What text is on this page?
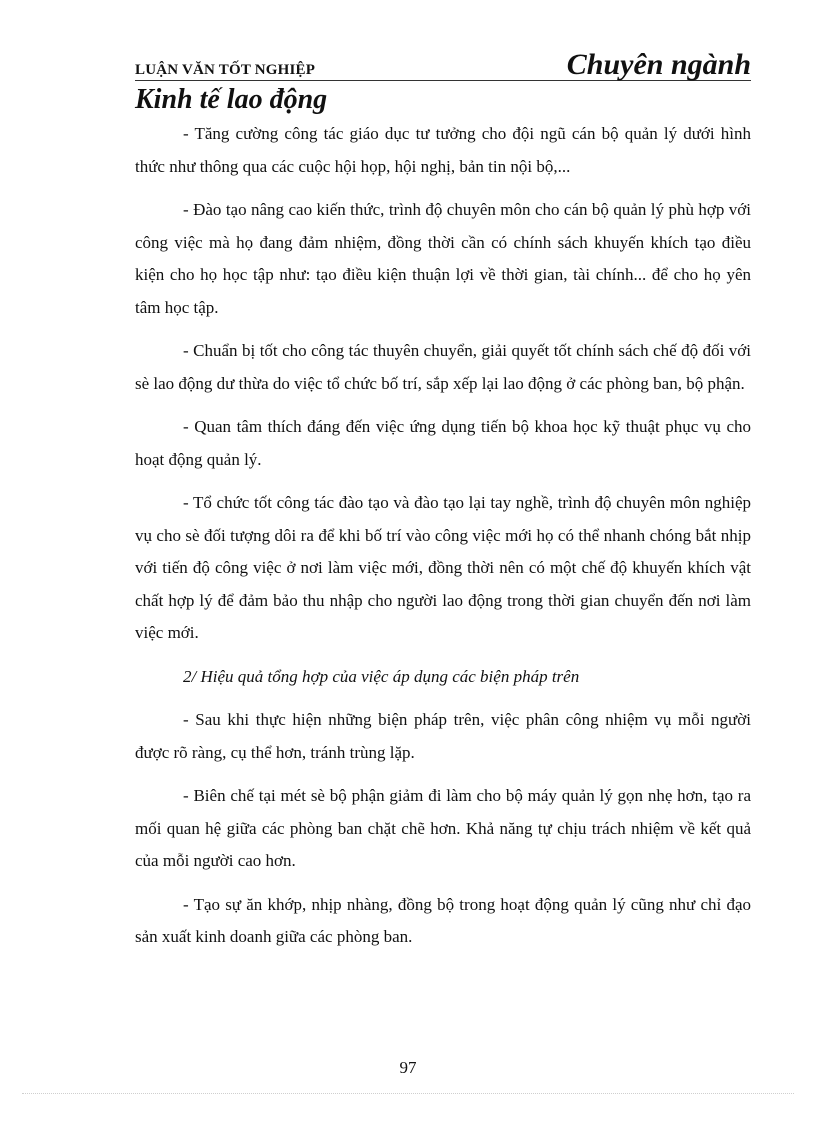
LUẬN VĂN TỐT NGHIỆP	Chuyên ngành
Kinh tế lao động

- Tăng cường công tác giáo dục tư tưởng cho đội ngũ cán bộ quản lý dưới hình thức như thông qua các cuộc hội họp, hội nghị, bản tin nội bộ,...

- Đào tạo nâng cao kiến thức, trình độ chuyên môn cho cán bộ quản lý phù hợp với công việc mà họ đang đảm nhiệm, đồng thời cần có chính sách khuyến khích tạo điều kiện cho họ học tập như: tạo điều kiện thuận lợi về thời gian, tài chính... để cho họ yên tâm học tập.

- Chuẩn bị tốt cho công tác thuyên chuyển, giải quyết tốt chính sách chế độ đối với sè lao động dư thừa do việc tổ chức bố trí, sắp xếp lại lao động ở các phòng ban, bộ phận.

- Quan tâm thích đáng đến việc ứng dụng tiến bộ khoa học kỹ thuật phục vụ cho hoạt động quản lý.

- Tổ chức tốt công tác đào tạo và đào tạo lại tay nghề, trình độ chuyên môn nghiệp vụ cho sè đối tượng dôi ra để khi bố trí vào công việc mới họ có thể nhanh chóng bắt nhịp với tiến độ công việc ở nơi làm việc mới, đồng thời nên có một chế độ khuyến khích vật chất hợp lý để đảm bảo thu nhập cho người lao động trong thời gian chuyển đến nơi làm việc mới.

2/ Hiệu quả tổng hợp của việc áp dụng các biện pháp trên

- Sau khi thực hiện những biện pháp trên, việc phân công nhiệm vụ mỗi người được rõ ràng, cụ thể hơn, tránh trùng lặp.

- Biên chế tại mét sè bộ phận giảm đi làm cho bộ máy quản lý gọn nhẹ hơn, tạo ra mối quan hệ giữa các phòng ban chặt chẽ hơn. Khả năng tự chịu trách nhiệm về kết quả của mỗi người cao hơn.

- Tạo sự ăn khớp, nhịp nhàng, đồng bộ trong hoạt động quản lý cũng như chỉ đạo sản xuất kinh doanh giữa các phòng ban.

97
